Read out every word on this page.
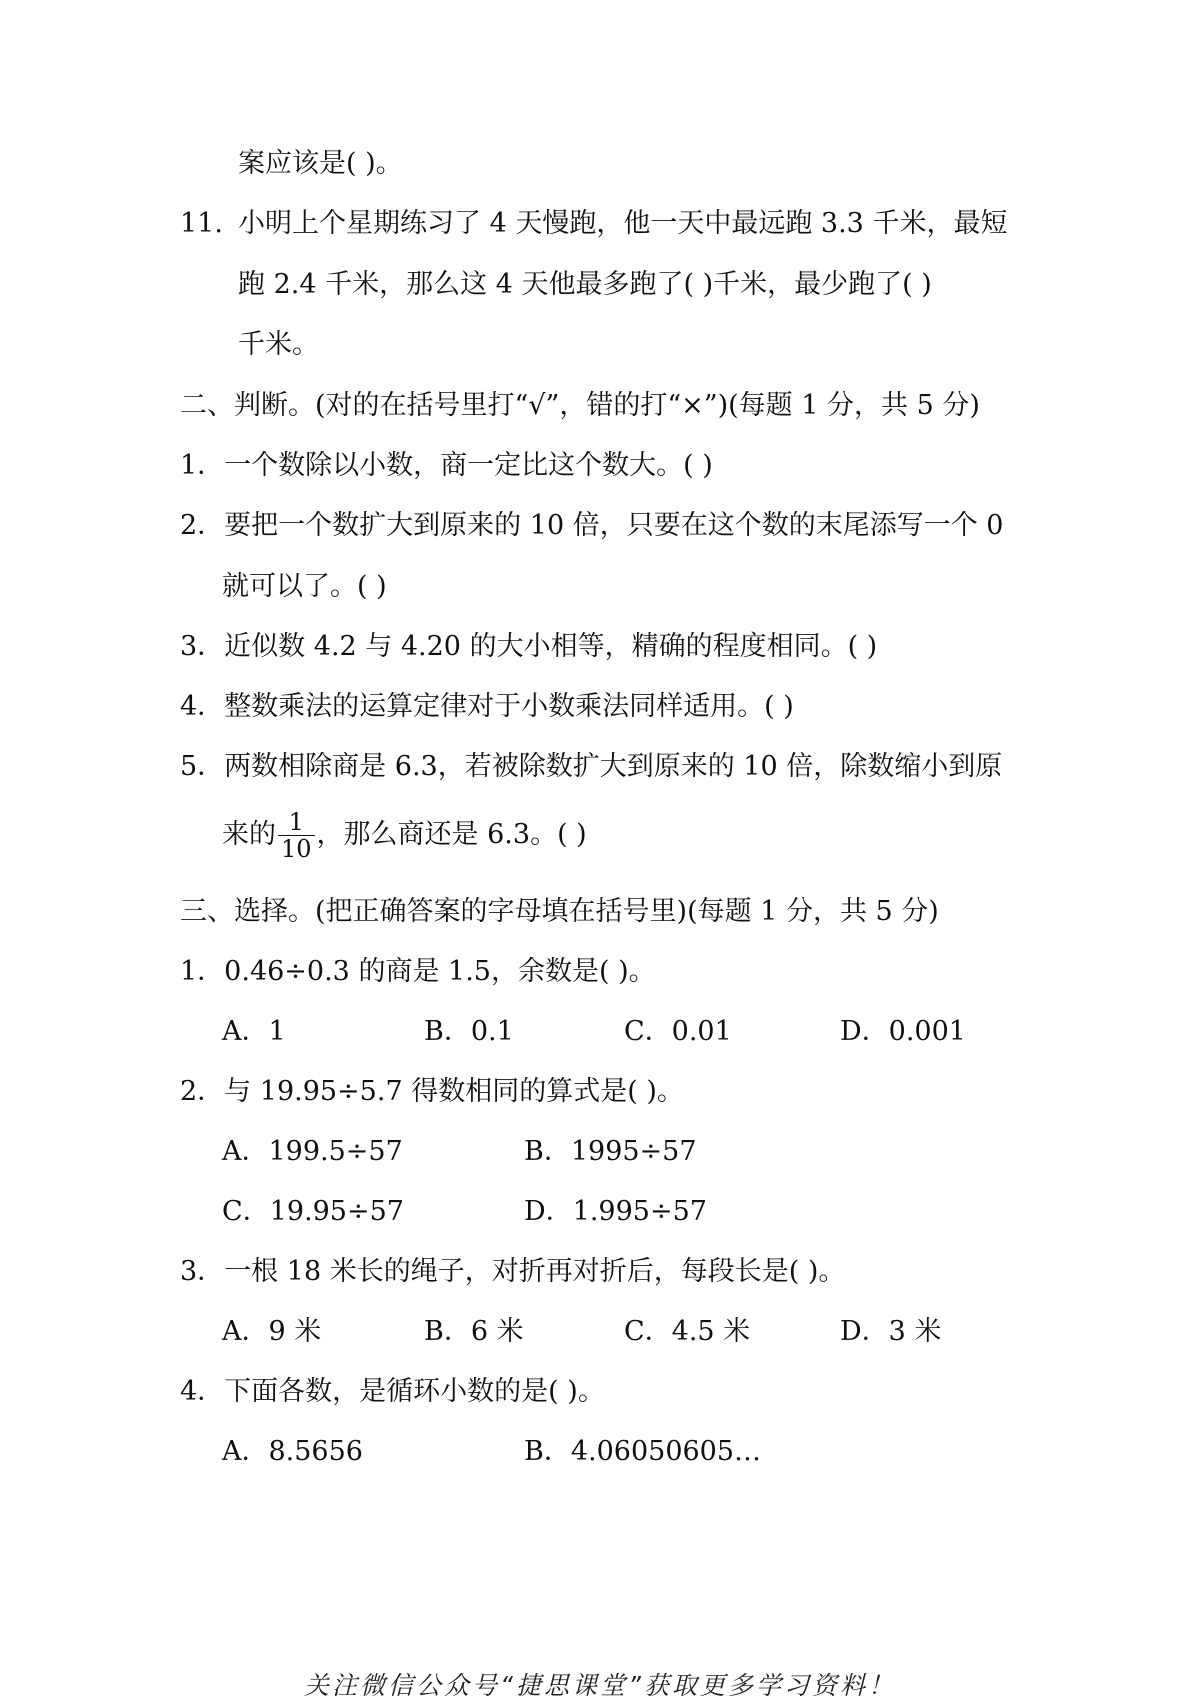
案应该是( )。
11. 小明上个星期练习了 4 天慢跑，他一天中最远跑 3.3 千米，最短
跑 2.4 千米，那么这 4 天他最多跑了( )千米，最少跑了( )
千米。
二、判断。(对的在括号里打“√”，错的打“×”)(每题 1 分，共 5 分)
1．一个数除以小数，商一定比这个数大。( )
2．要把一个数扩大到原来的 10 倍，只要在这个数的末尾添写一个 0
就可以了。( )
3．近似数 4.2 与 4.20 的大小相等，精确的程度相同。( )
4．整数乘法的运算定律对于小数乘法同样适用。( )
5．两数相除商是 6.3，若被除数扩大到原来的 10 倍，除数缩小到原
来的 $\frac{1}{10}$ ，那么商还是 6.3。( )
三、选择。(把正确答案的字母填在括号里)(每题 1 分，共 5 分)
1．0.46÷0.3 的商是 1.5，余数是( )。
A．1	B．0.1	C．0.01	D．0.001
2．与 19.95÷5.7 得数相同的算式是( )。
A．199.5÷57	B．1995÷57
C．19.95÷57	D．1.995÷57
3．一根 18 米长的绳子，对折再对折后，每段长是( )。
A．9 米	B．6 米	C．4.5 米	D．3 米
4．下面各数，是循环小数的是( )。
A．8.5656	B．4.06050605…
关注微信公众号“捷思课堂”获取更多学习资料！
